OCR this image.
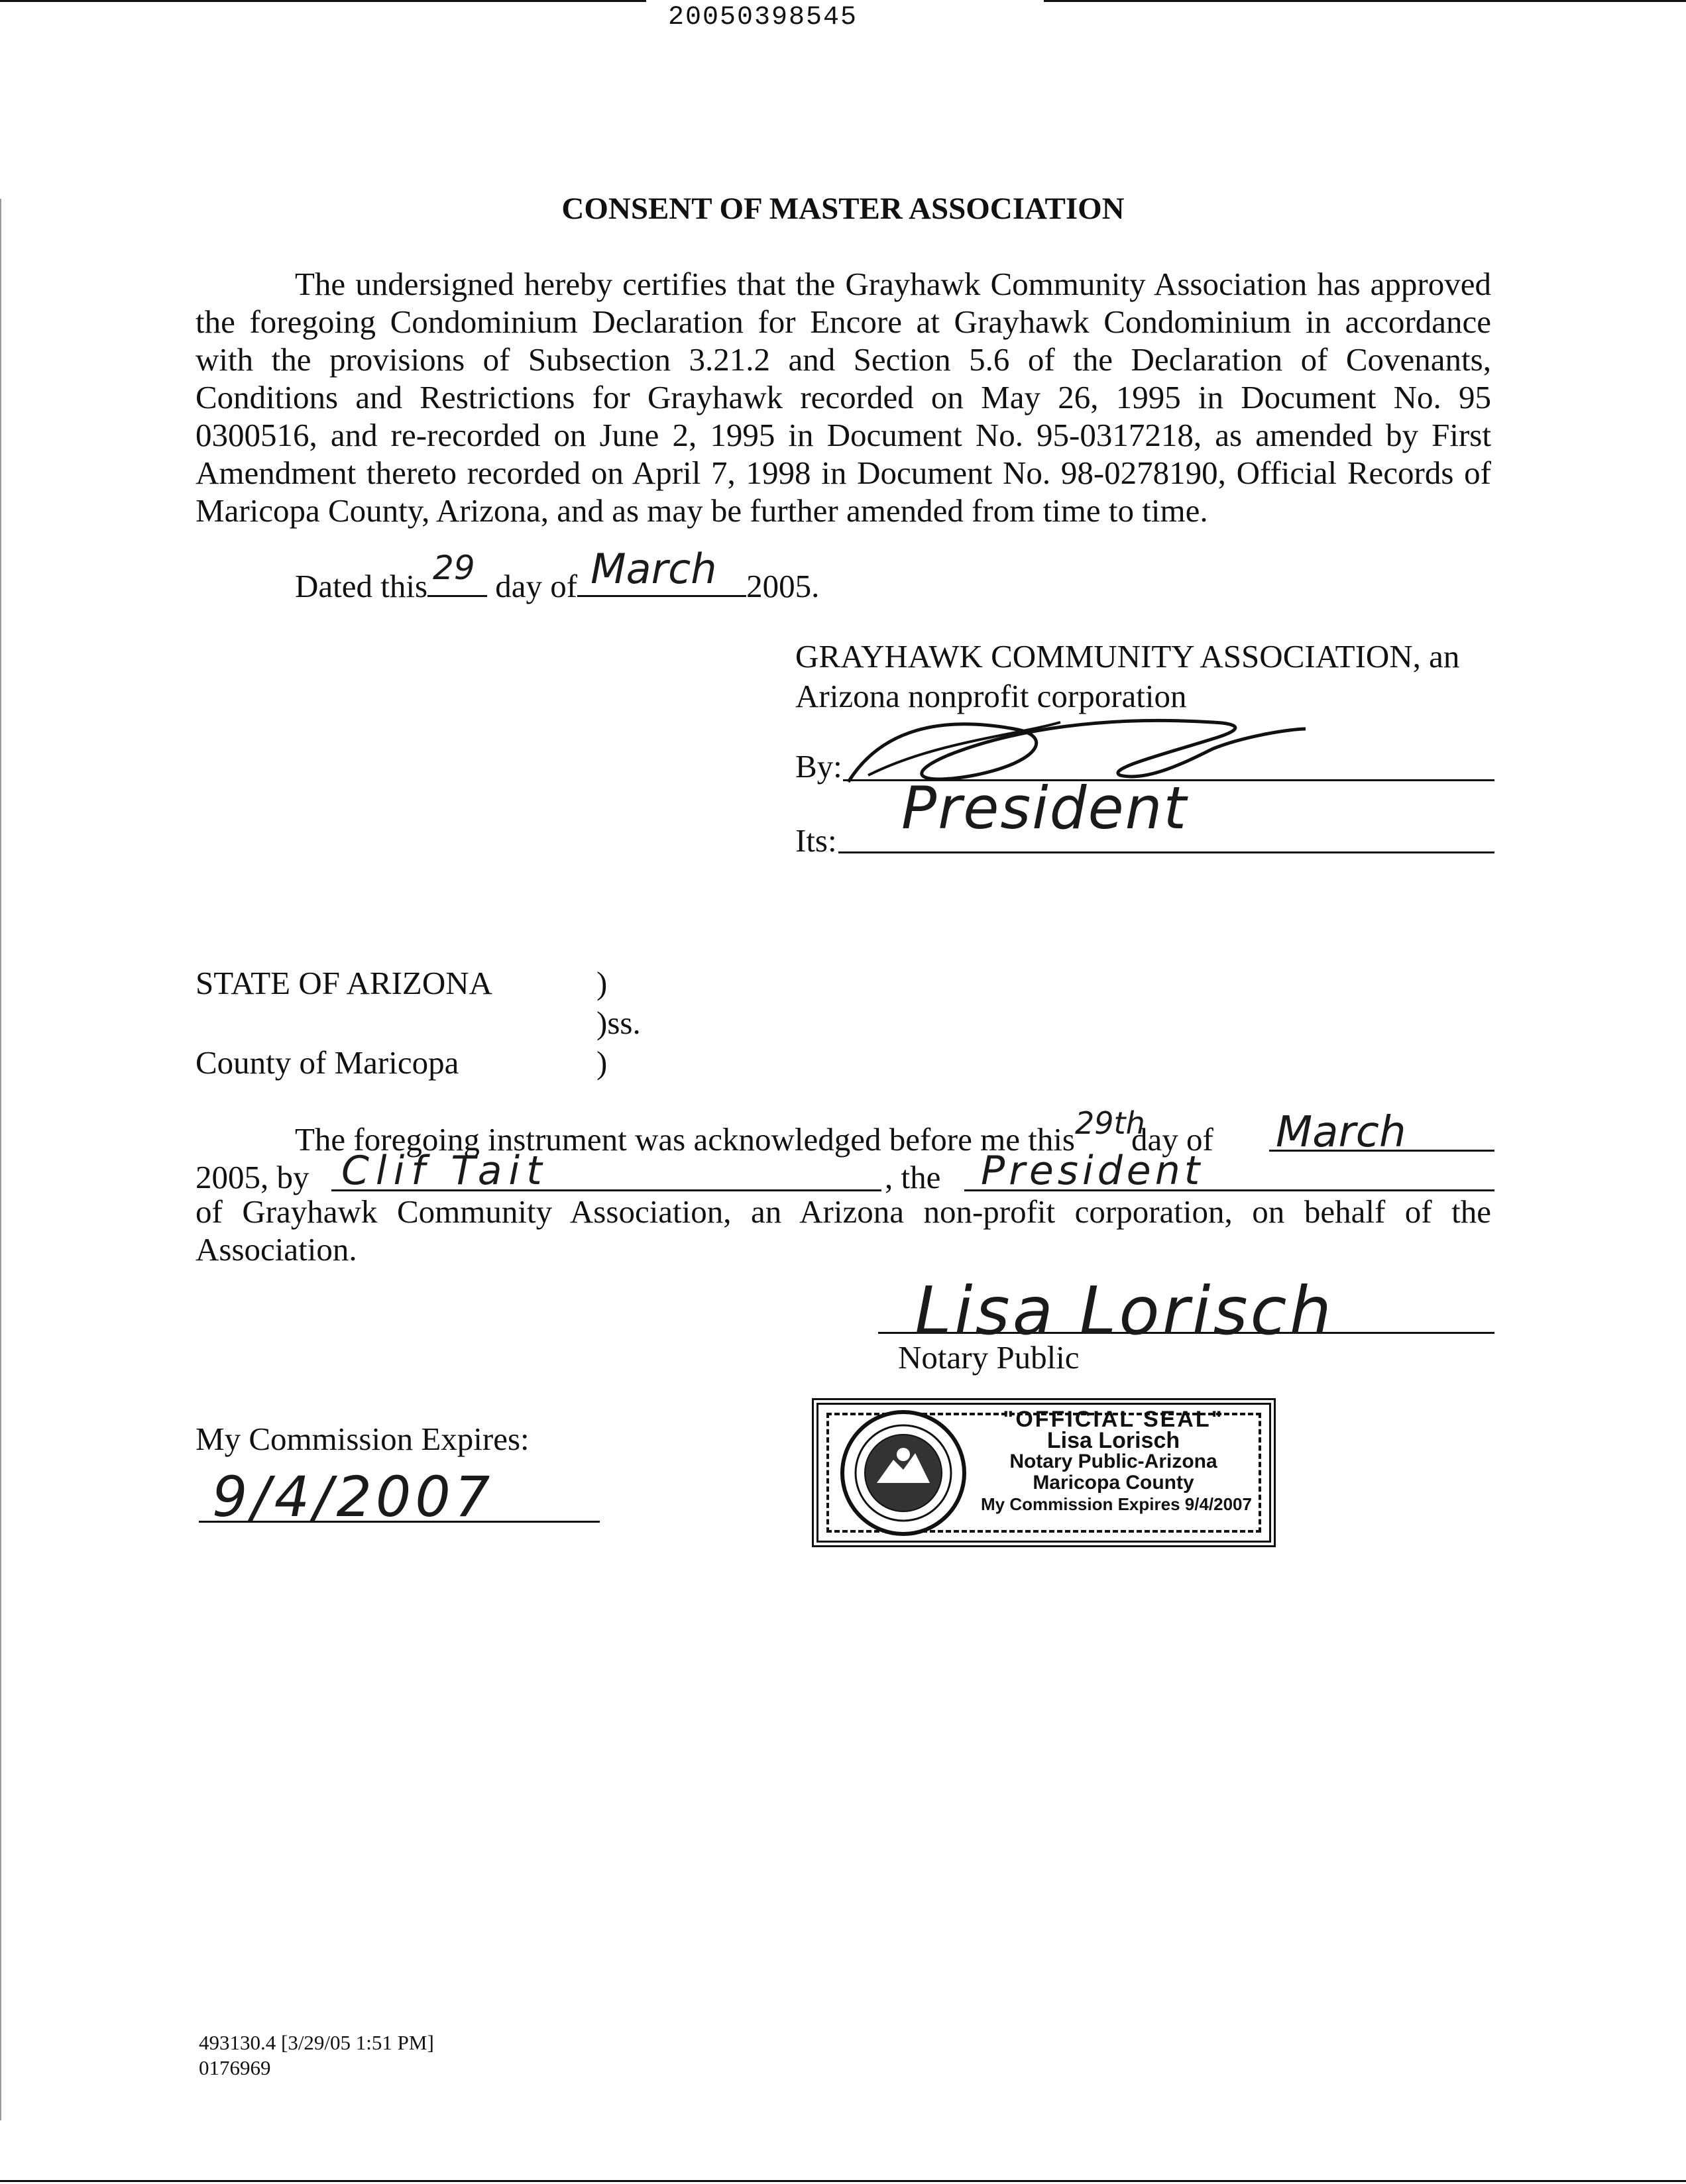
20050398545
CONSENT OF MASTER ASSOCIATION
The undersigned hereby certifies that the Grayhawk Community Association has approved the foregoing Condominium Declaration for Encore at Grayhawk Condominium in accordance with the provisions of Subsection 3.21.2 and Section 5.6 of the Declaration of Covenants, Conditions and Restrictions for Grayhawk recorded on May 26, 1995 in Document No. 95 0300516, and re-recorded on June 2, 1995 in Document No. 95-0317218, as amended by First Amendment thereto recorded on April 7, 1998 in Document No. 98-0278190, Official Records of Maricopa County, Arizona, and as may be further amended from time to time.
Dated this 29 day of March 2005.
GRAYHAWK COMMUNITY ASSOCIATION, an
Arizona nonprofit corporation
By:
Its: President
STATE OF ARIZONA	)
)ss.
County of Maricopa	)
The foregoing instrument was acknowledged before me this 29th
day of March
2005, by Clif Tait	, the President
of Grayhawk Community Association, an Arizona non-profit corporation, on behalf of the Association.
Lisa Lorisch
Notary Public
My Commission Expires:
9/4/2007
"OFFICIAL SEAL"
Lisa Lorisch
Notary Public-Arizona
Maricopa County
My Commission Expires 9/4/2007
493130.4 [3/29/05 1:51 PM]
0176969
